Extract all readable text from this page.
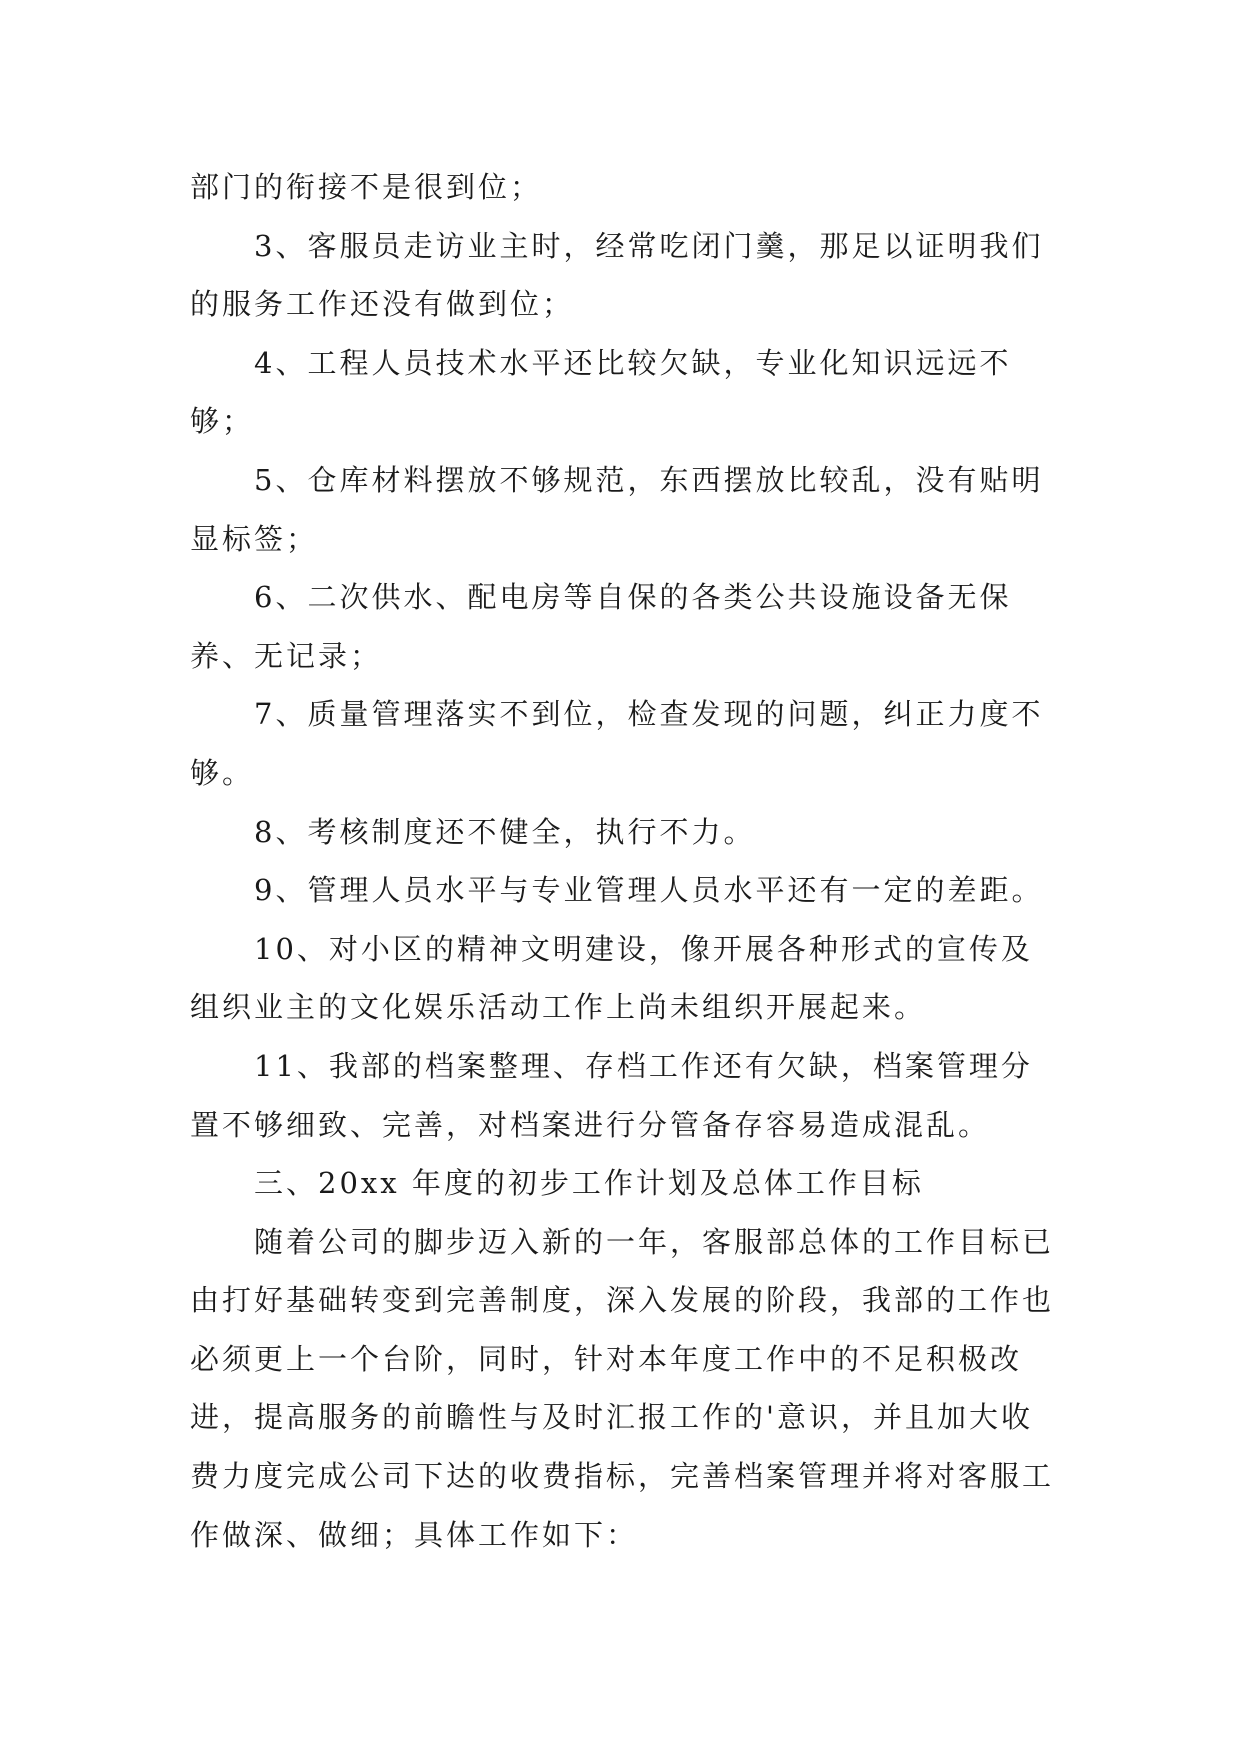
部门的衔接不是很到位；

3、客服员走访业主时，经常吃闭门羹，那足以证明我们的服务工作还没有做到位；

4、工程人员技术水平还比较欠缺，专业化知识远远不够；

5、仓库材料摆放不够规范，东西摆放比较乱，没有贴明显标签；

6、二次供水、配电房等自保的各类公共设施设备无保养、无记录；

7、质量管理落实不到位，检查发现的问题，纠正力度不够。

8、考核制度还不健全，执行不力。

9、管理人员水平与专业管理人员水平还有一定的差距。

10、对小区的精神文明建设，像开展各种形式的宣传及组织业主的文化娱乐活动工作上尚未组织开展起来。

11、我部的档案整理、存档工作还有欠缺，档案管理分置不够细致、完善，对档案进行分管备存容易造成混乱。

三、20xx 年度的初步工作计划及总体工作目标

随着公司的脚步迈入新的一年，客服部总体的工作目标已由打好基础转变到完善制度，深入发展的阶段，我部的工作也必须更上一个台阶，同时，针对本年度工作中的不足积极改进，提高服务的前瞻性与及时汇报工作的'意识，并且加大收费力度完成公司下达的收费指标，完善档案管理并将对客服工作做深、做细；具体工作如下：
